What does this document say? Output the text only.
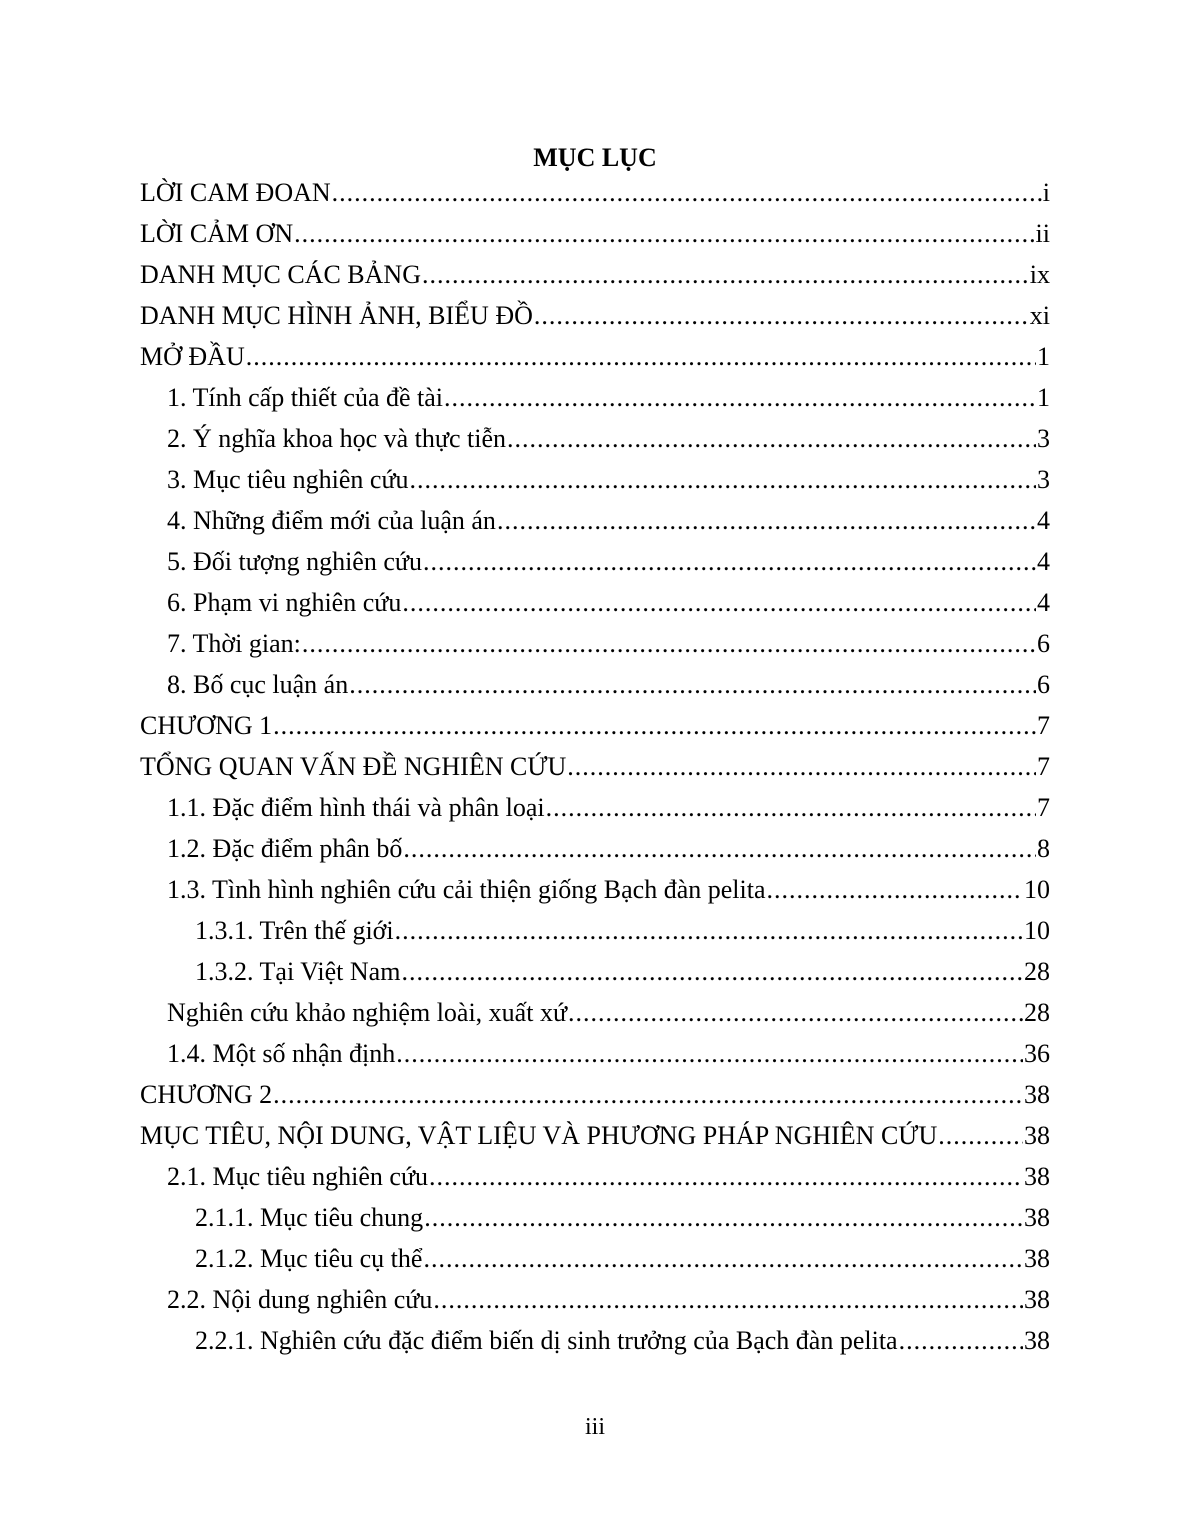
MỤC LỤC
LỜI CAM ĐOAN .....	i
LỜI CẢM ƠN .....	ii
DANH MỤC CÁC BẢNG .....	ix
DANH MỤC HÌNH ẢNH, BIỂU ĐỒ .....	xi
MỞ ĐẦU .....	1
1. Tính cấp thiết của đề tài .....	1
2. Ý nghĩa khoa học và thực tiễn .....	3
3. Mục tiêu nghiên cứu .....	3
4. Những điểm mới của luận án .....	4
5. Đối tượng nghiên cứu .....	4
6. Phạm vi nghiên cứu .....	4
7. Thời gian: .....	6
8. Bố cục luận án .....	6
CHƯƠNG 1 .....	7
TỔNG QUAN VẤN ĐỀ NGHIÊN CỨU .....	7
1.1. Đặc điểm hình thái và phân loại .....	7
1.2. Đặc điểm phân bố .....	8
1.3. Tình hình nghiên cứu cải thiện giống Bạch đàn pelita .....	10
1.3.1. Trên thế giới .....	10
1.3.2. Tại Việt Nam .....	28
Nghiên cứu khảo nghiệm loài, xuất xứ .....	28
1.4. Một số nhận định .....	36
CHƯƠNG 2 .....	38
MỤC TIÊU, NỘI DUNG, VẬT LIỆU VÀ PHƯƠNG PHÁP NGHIÊN CỨU .....	38
2.1. Mục tiêu nghiên cứu .....	38
2.1.1. Mục tiêu chung .....	38
2.1.2. Mục tiêu cụ thể .....	38
2.2. Nội dung nghiên cứu .....	38
2.2.1. Nghiên cứu đặc điểm biến dị sinh trưởng của Bạch đàn pelita .....	38
iii
